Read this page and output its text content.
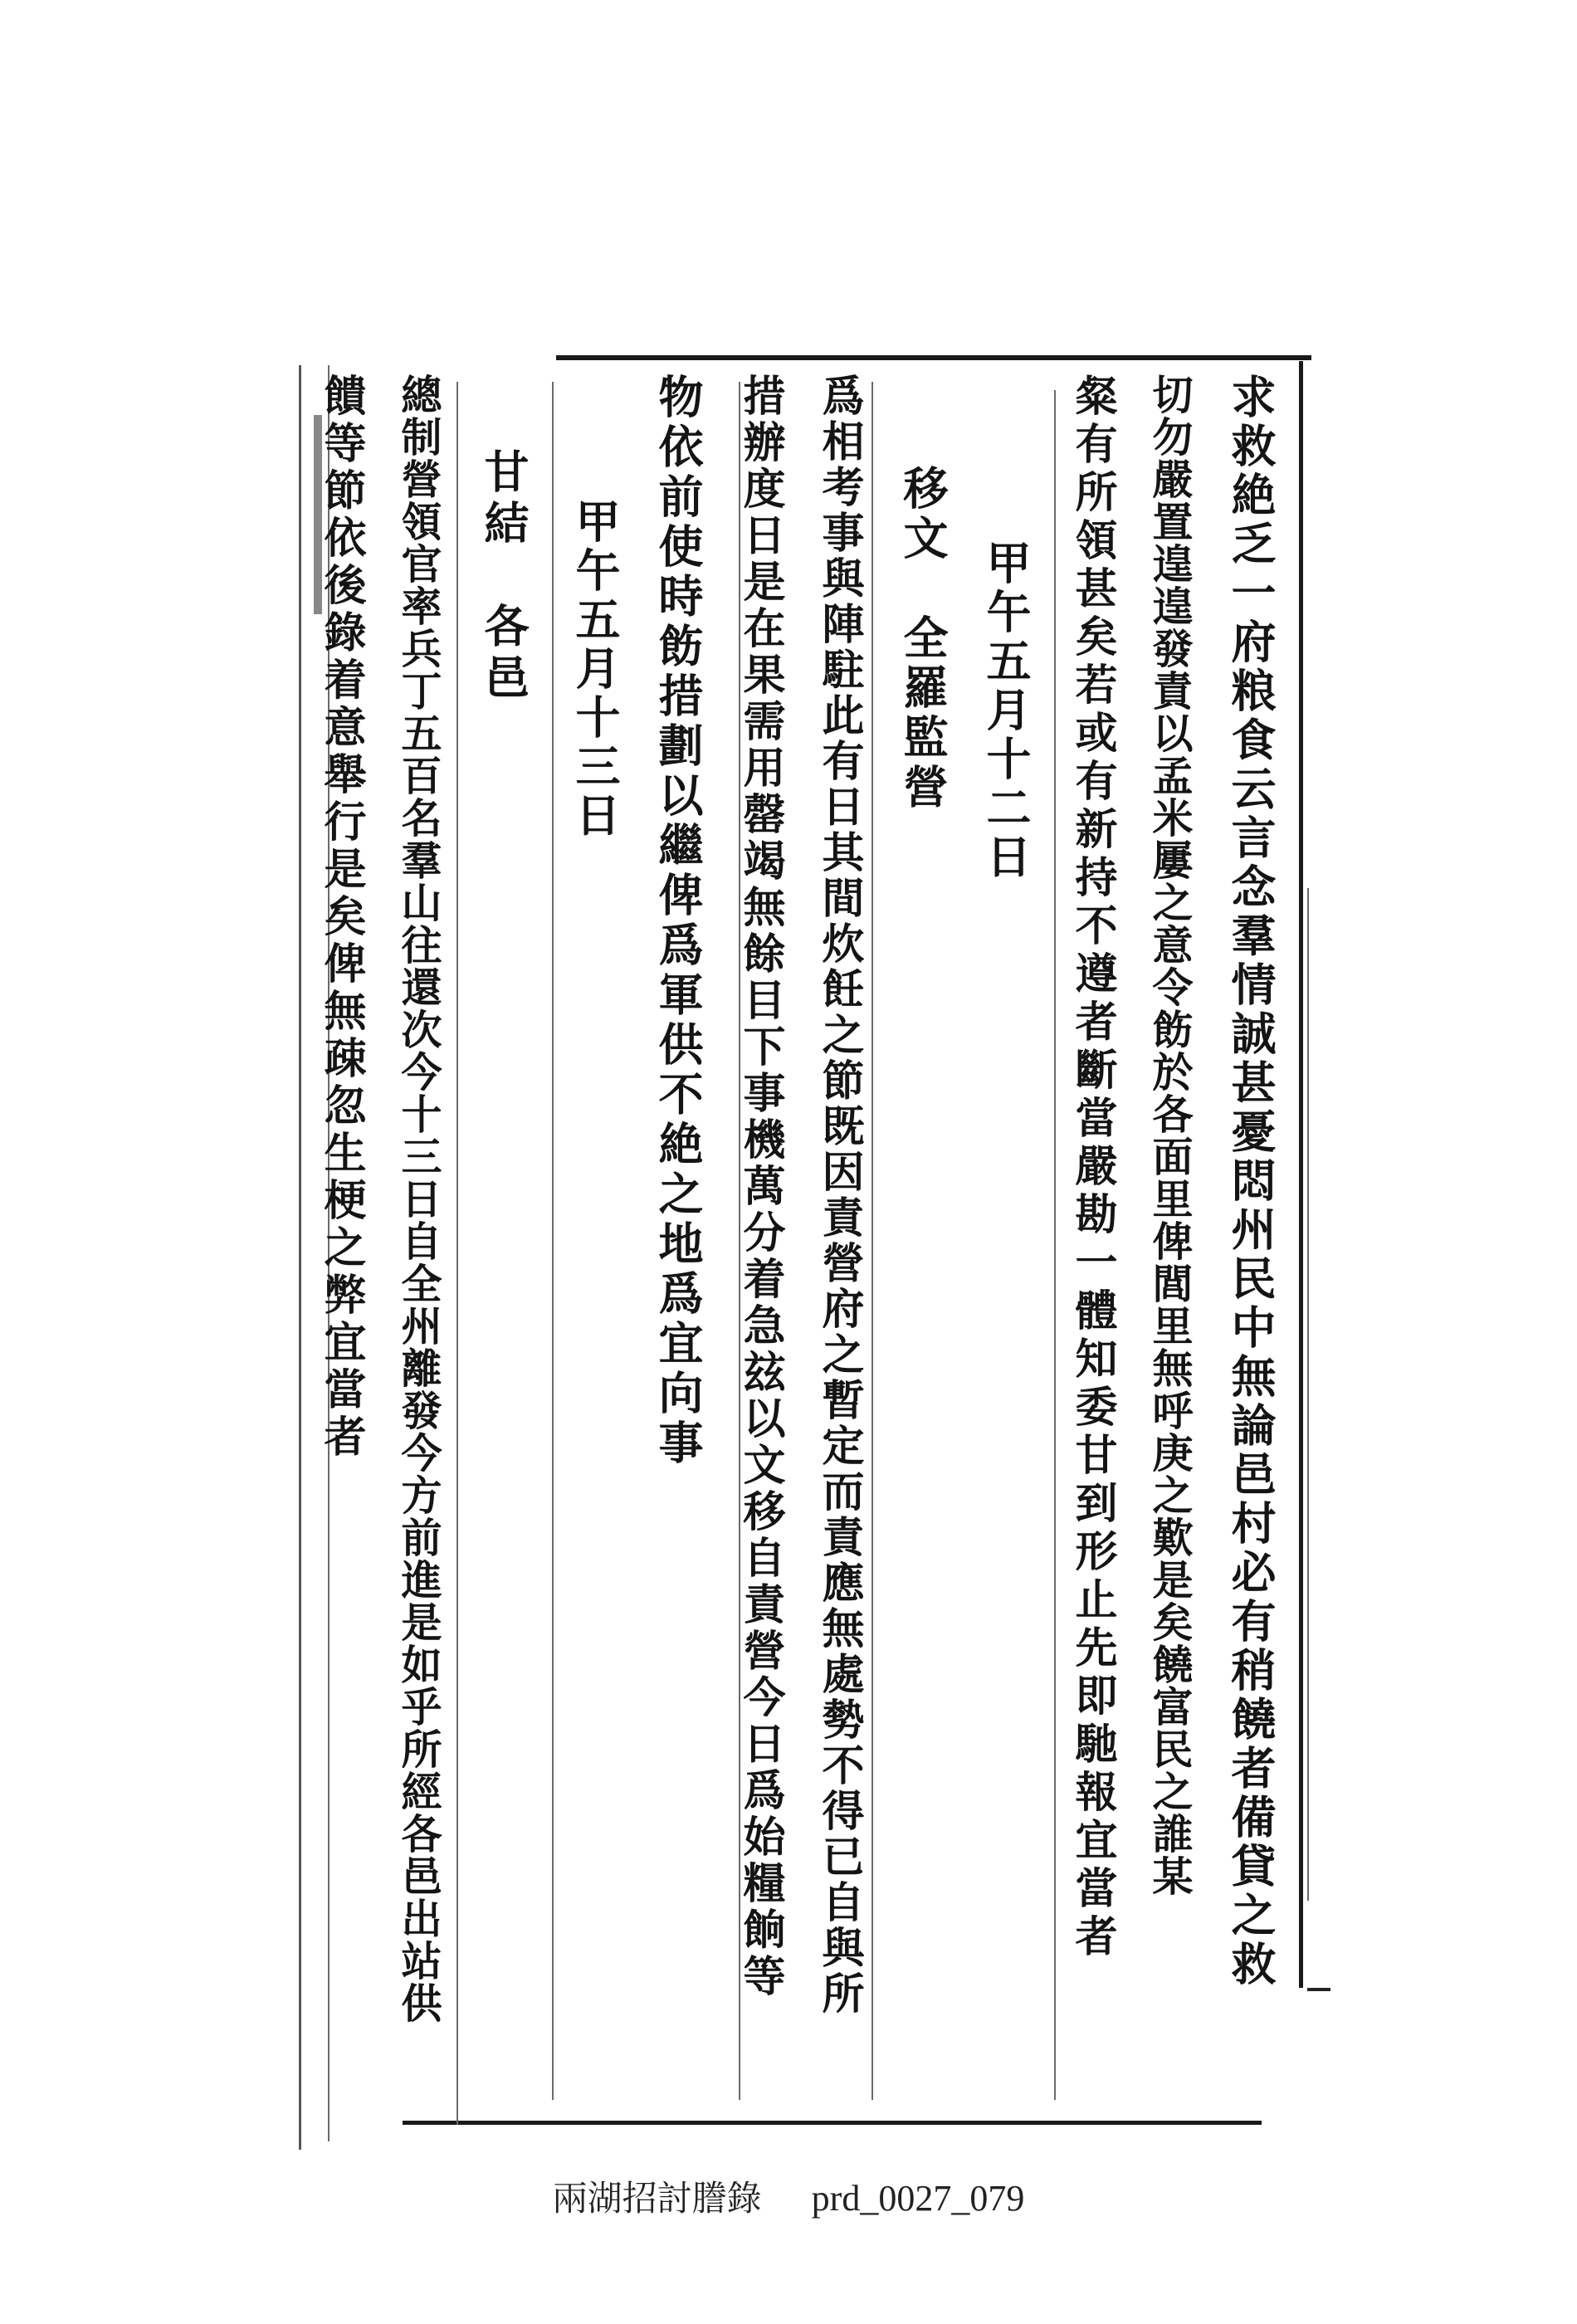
求救絶乏一府粮食云言念羣情誠甚憂悶州民中無論邑村必有稍饒者備貸之救
切勿嚴置遑遑發責以孟米屢之意令飭於各面里俾閭里無呼庚之歎是矣饒富民之誰某
粲有所領甚矣若或有新持不遵者斷當嚴勘一體知委甘到形止先即馳報宜當者
甲午五月十二日
移文　全羅監營
爲相考事與陣駐此有日其間炊飪之節既因責營府之暫定而責應無處勢不得已自與所
措辦度日是在果需用罄竭無餘目下事機萬分着急玆以文移自責營今日爲始糧餉等
物依前使時飭措劃以繼俾爲軍供不絶之地爲宜向事
甲午五月十三日
甘結　各邑
總制營領官率兵丁五百名羣山往還次今十三日自全州離發今方前進是如乎所經各邑出站供
饋等節依後錄着意舉行是矣俾無疎忽生梗之弊宜當者
兩湖招討謄錄 prd_0027_079
